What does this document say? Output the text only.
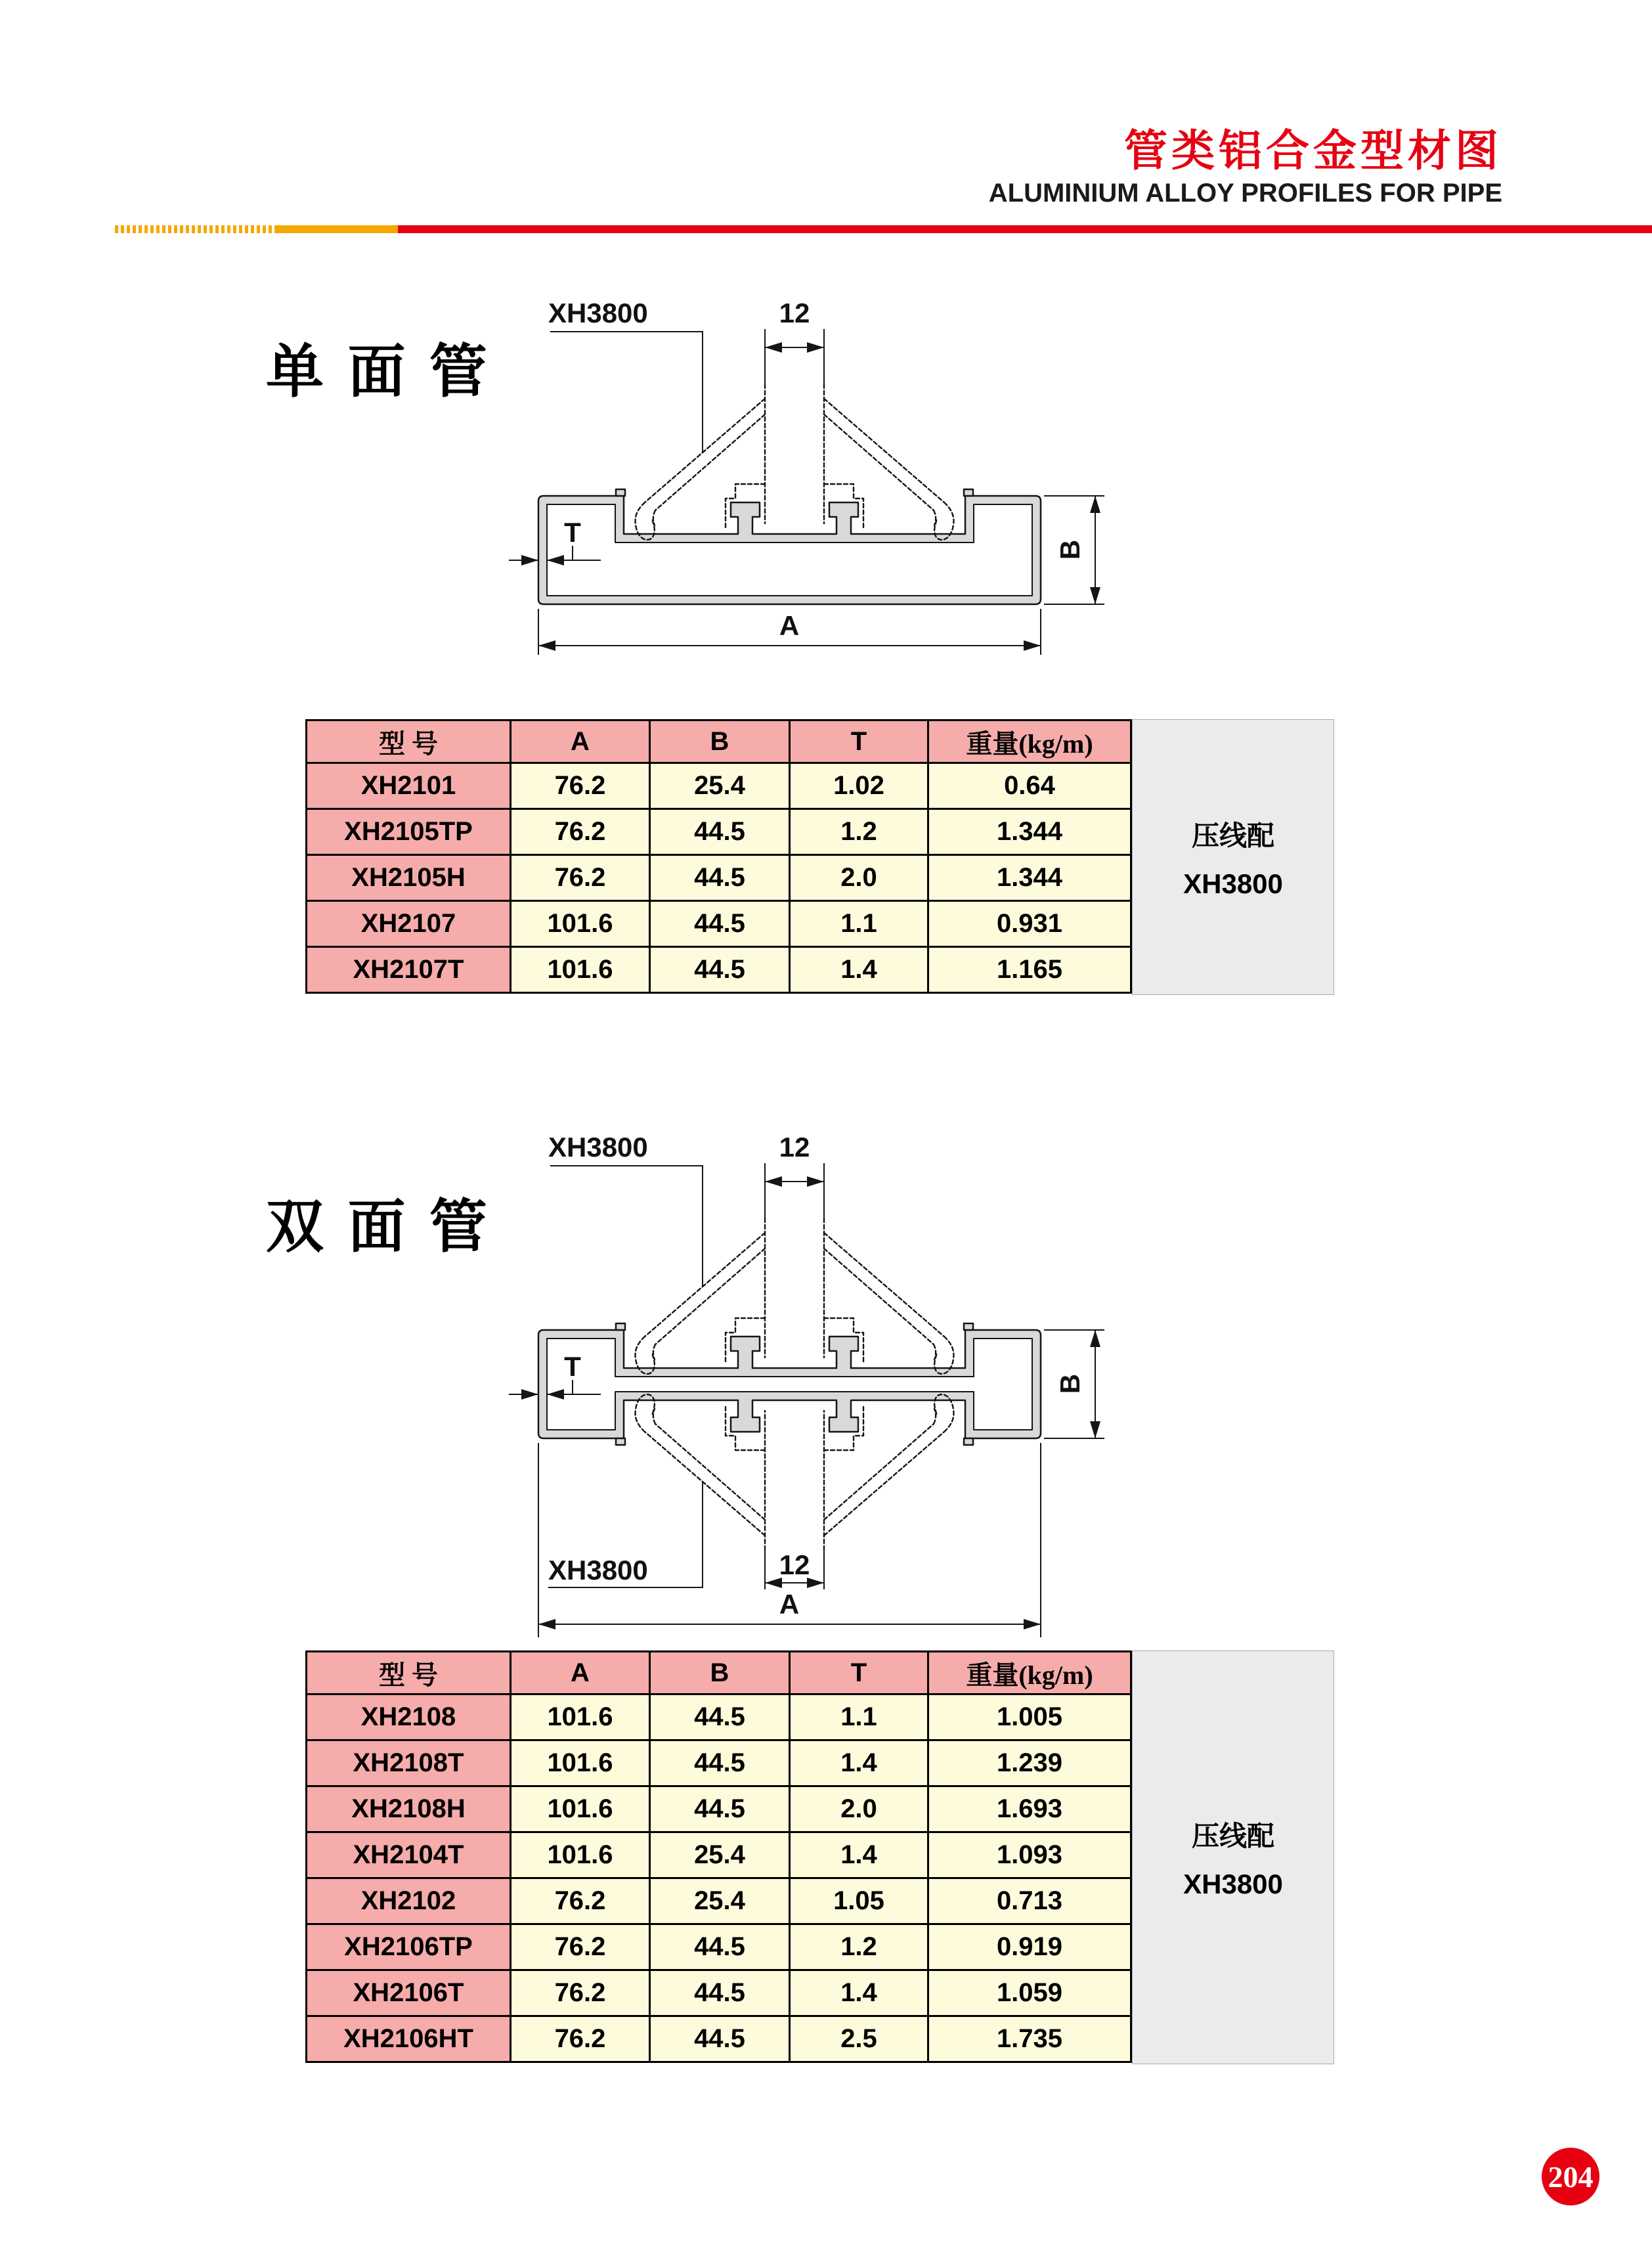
管类铝合金型材图
ALUMINIUM ALLOY PROFILES FOR PIPE
单 面 管
XH3800	12
T
B
A
型 号	A	B	T	重量(kg/m)
XH2101	76.2	25.4	1.02	0.64
XH2105TP	76.2	44.5	1.2	1.344
XH2105H	76.2	44.5	2.0	1.344
XH2107	101.6	44.5	1.1	0.931
XH2107T	101.6	44.5	1.4	1.165
压线配
XH3800
双 面 管
XH3800	12
T
B
XH3800	12
A
型 号	A	B	T	重量(kg/m)
XH2108	101.6	44.5	1.1	1.005
XH2108T	101.6	44.5	1.4	1.239
XH2108H	101.6	44.5	2.0	1.693
XH2104T	101.6	25.4	1.4	1.093
XH2102	76.2	25.4	1.05	0.713
XH2106TP	76.2	44.5	1.2	0.919
XH2106T	76.2	44.5	1.4	1.059
XH2106HT	76.2	44.5	2.5	1.735
压线配
XH3800
204
